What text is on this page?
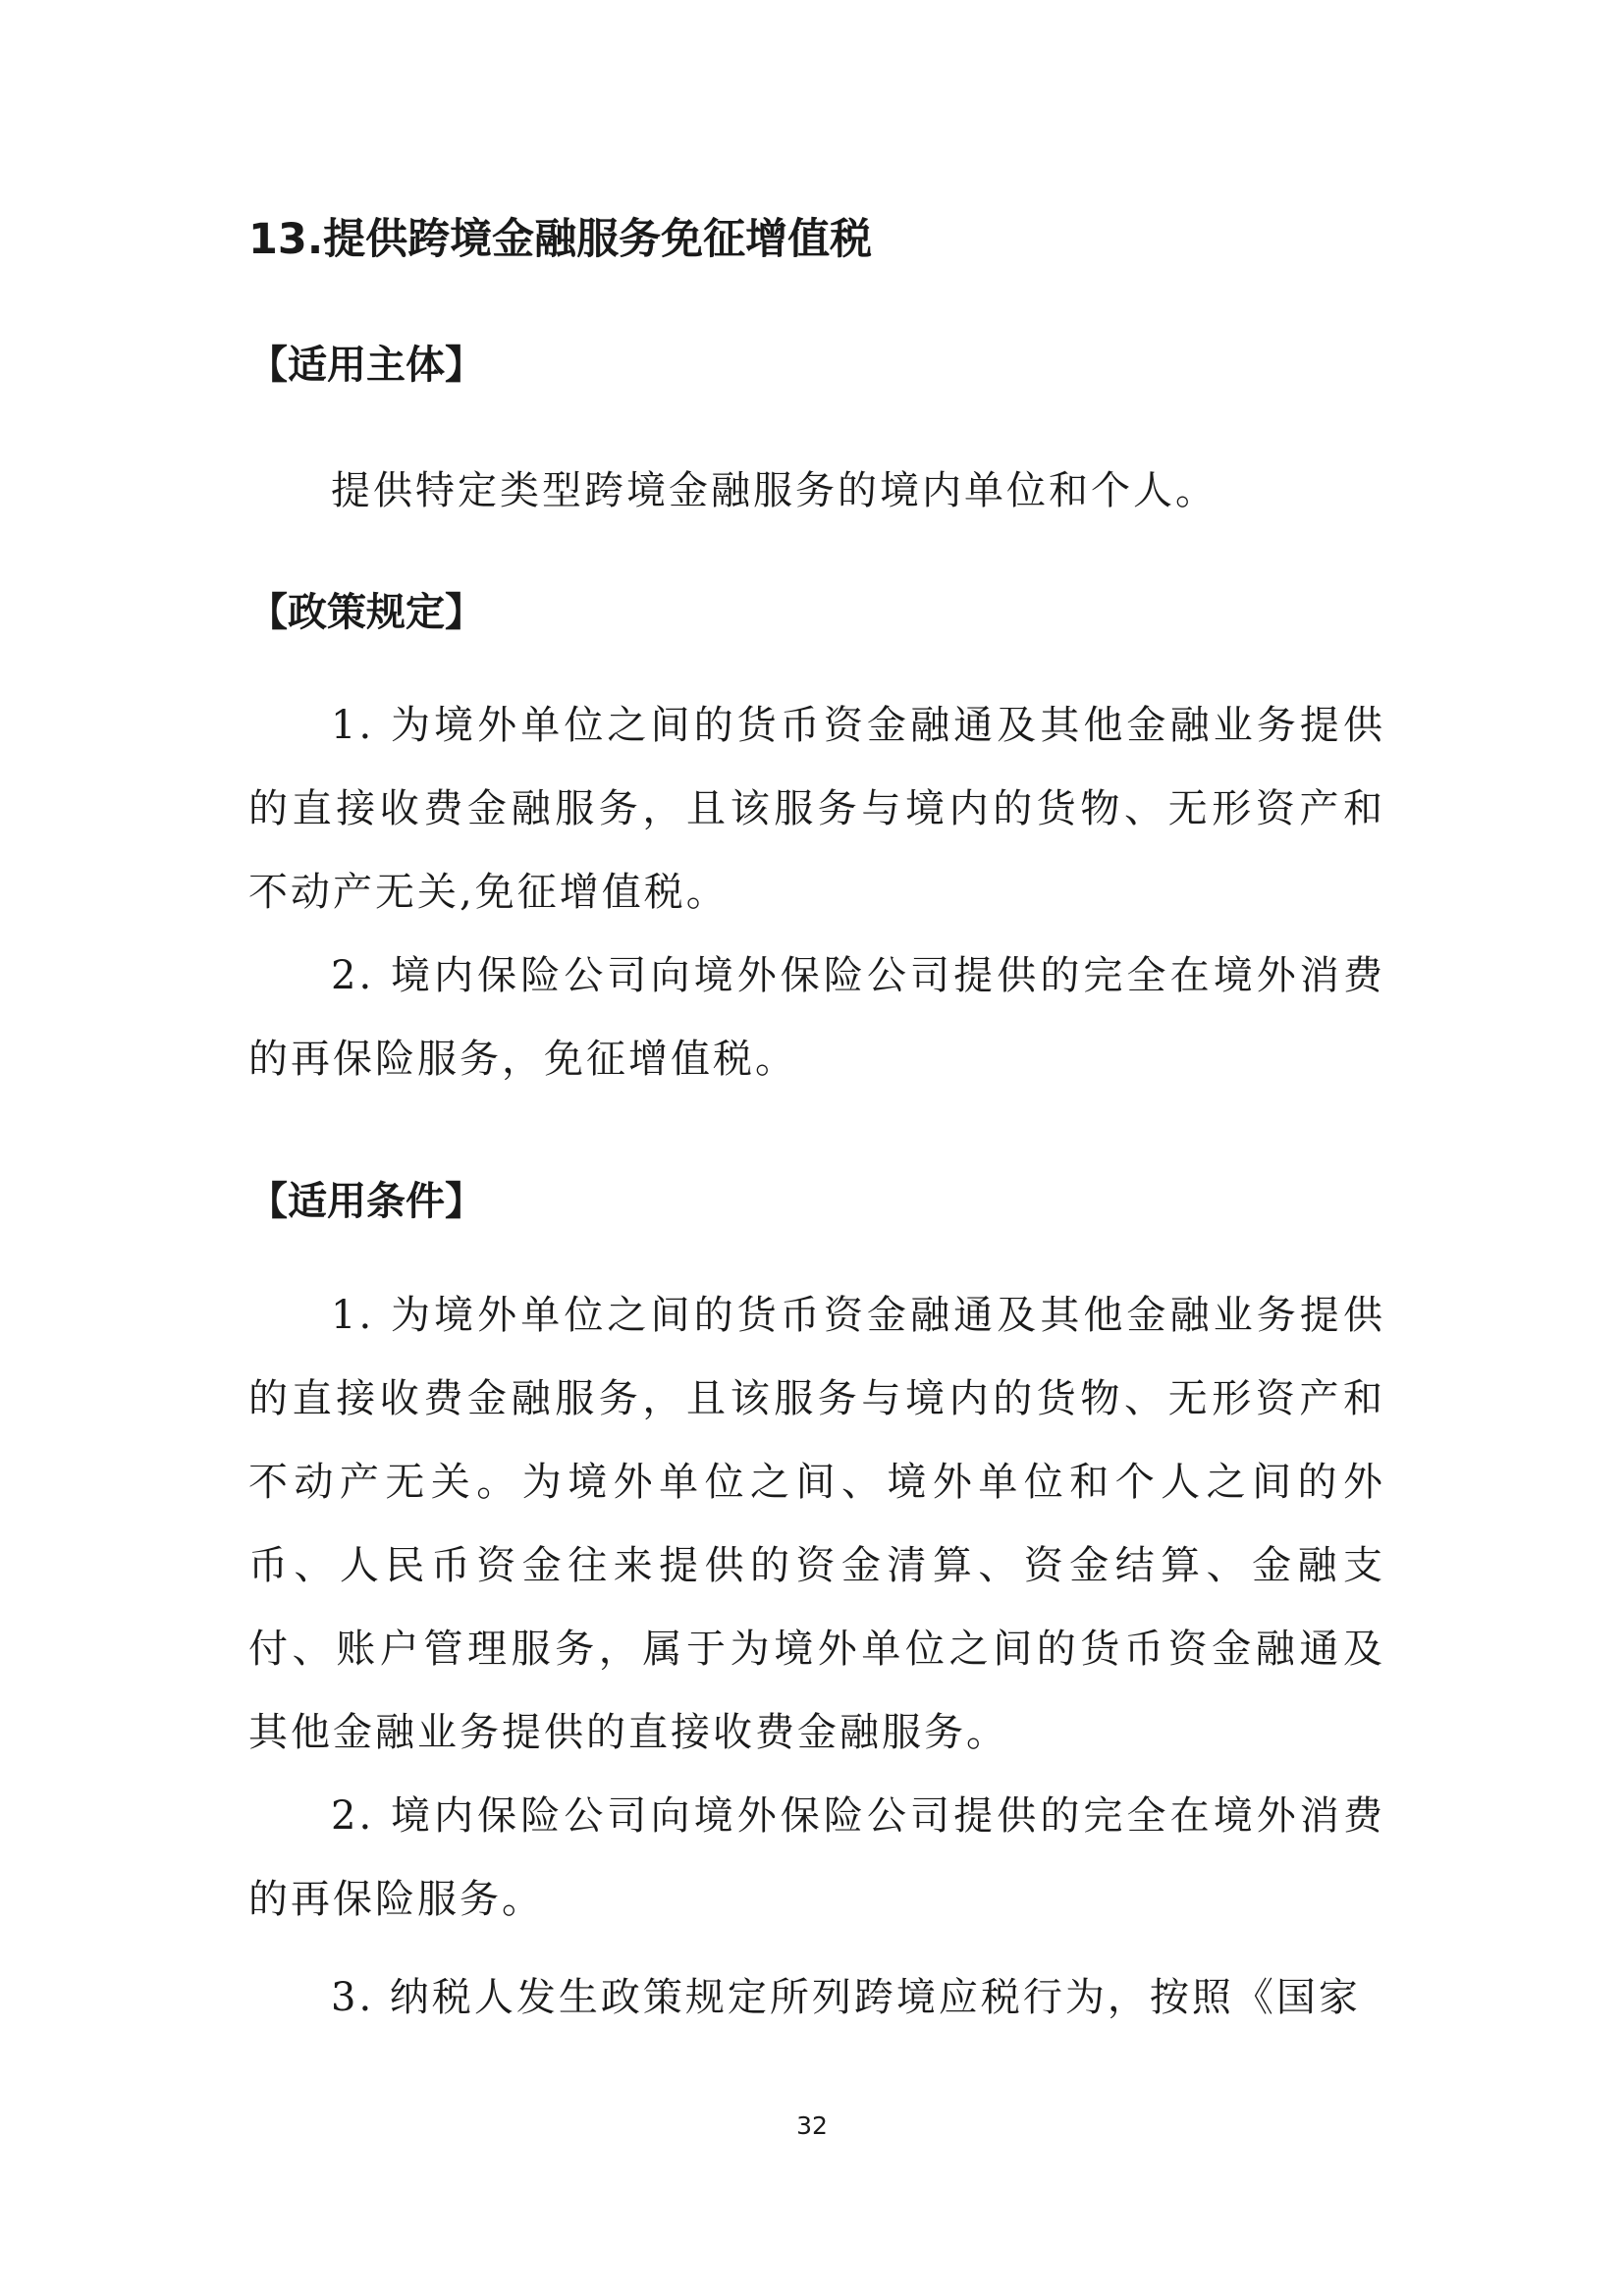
13.提供跨境金融服务免征增值税
【适用主体】
提供特定类型跨境金融服务的境内单位和个人。
【政策规定】
1. 为境外单位之间的货币资金融通及其他金融业务提供的直接收费金融服务，且该服务与境内的货物、无形资产和不动产无关,免征增值税。
2. 境内保险公司向境外保险公司提供的完全在境外消费的再保险服务，免征增值税。
【适用条件】
1. 为境外单位之间的货币资金融通及其他金融业务提供的直接收费金融服务，且该服务与境内的货物、无形资产和不动产无关。为境外单位之间、境外单位和个人之间的外币、人民币资金往来提供的资金清算、资金结算、金融支付、账户管理服务，属于为境外单位之间的货币资金融通及其他金融业务提供的直接收费金融服务。
2. 境内保险公司向境外保险公司提供的完全在境外消费的再保险服务。
3. 纳税人发生政策规定所列跨境应税行为，按照《国家
32
